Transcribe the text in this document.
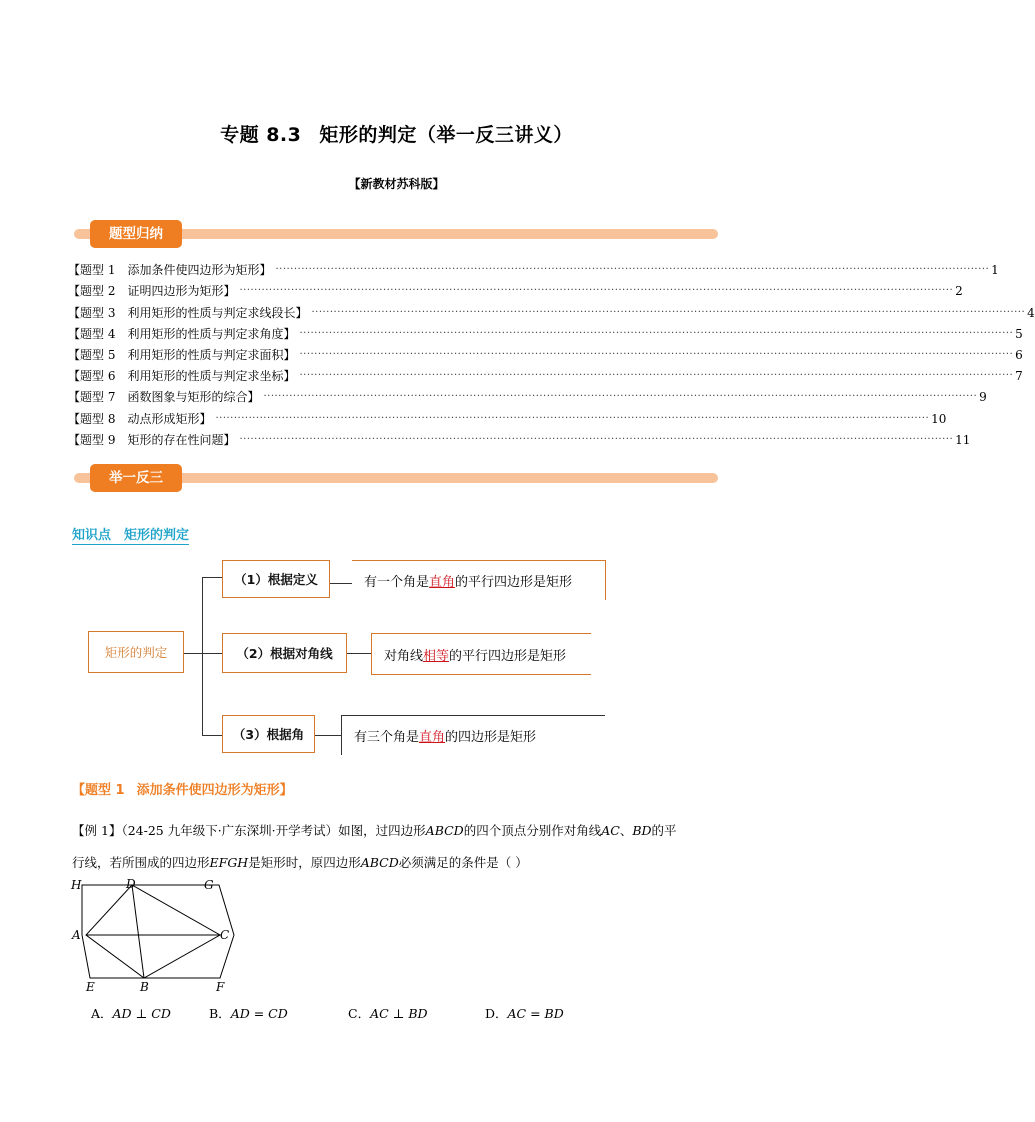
专题 8.3 矩形的判定（举一反三讲义）
【新教材苏科版】
题型归纳
【题型 1	添加条件使四边形为矩形】 .................................................................................................................................................................................................. 1
【题型 2	证明四边形为矩形】 .................................................................................................................................................................................................. 2
【题型 3	利用矩形的性质与判定求线段长】 .................................................................................................................................................................................................. 4
【题型 4	利用矩形的性质与判定求角度】 .................................................................................................................................................................................................. 5
【题型 5	利用矩形的性质与判定求面积】 .................................................................................................................................................................................................. 6
【题型 6	利用矩形的性质与判定求坐标】 .................................................................................................................................................................................................. 7
【题型 7	函数图象与矩形的综合】 .................................................................................................................................................................................................. 9
【题型 8	动点形成矩形】 .................................................................................................................................................................................................. 10
【题型 9	矩形的存在性问题】 .................................................................................................................................................................................................. 11
举一反三
知识点　矩形的判定
矩形的判定
（1）根据定义
（2）根据对角线
（3）根据角
有一个角是 直角 的平行四边形是矩形
对角线 相等 的平行四边形是矩形
有三个角是 直角 的四边形是矩形
【题型 1 添加条件使四边形为矩形】

【例 1】（24-25 九年级下·广东深圳·开学考试）如图，过四边形ABCD的四个顶点分别作对角线AC、BD的平

行线，若所围成的四边形EFGH是矩形时，原四边形ABCD必须满足的条件是（ ）

H	D	G
A	C
E	B	F
A．AD ⊥ CD	B．AD = CD	C．AC ⊥ BD	D．AC = BD
